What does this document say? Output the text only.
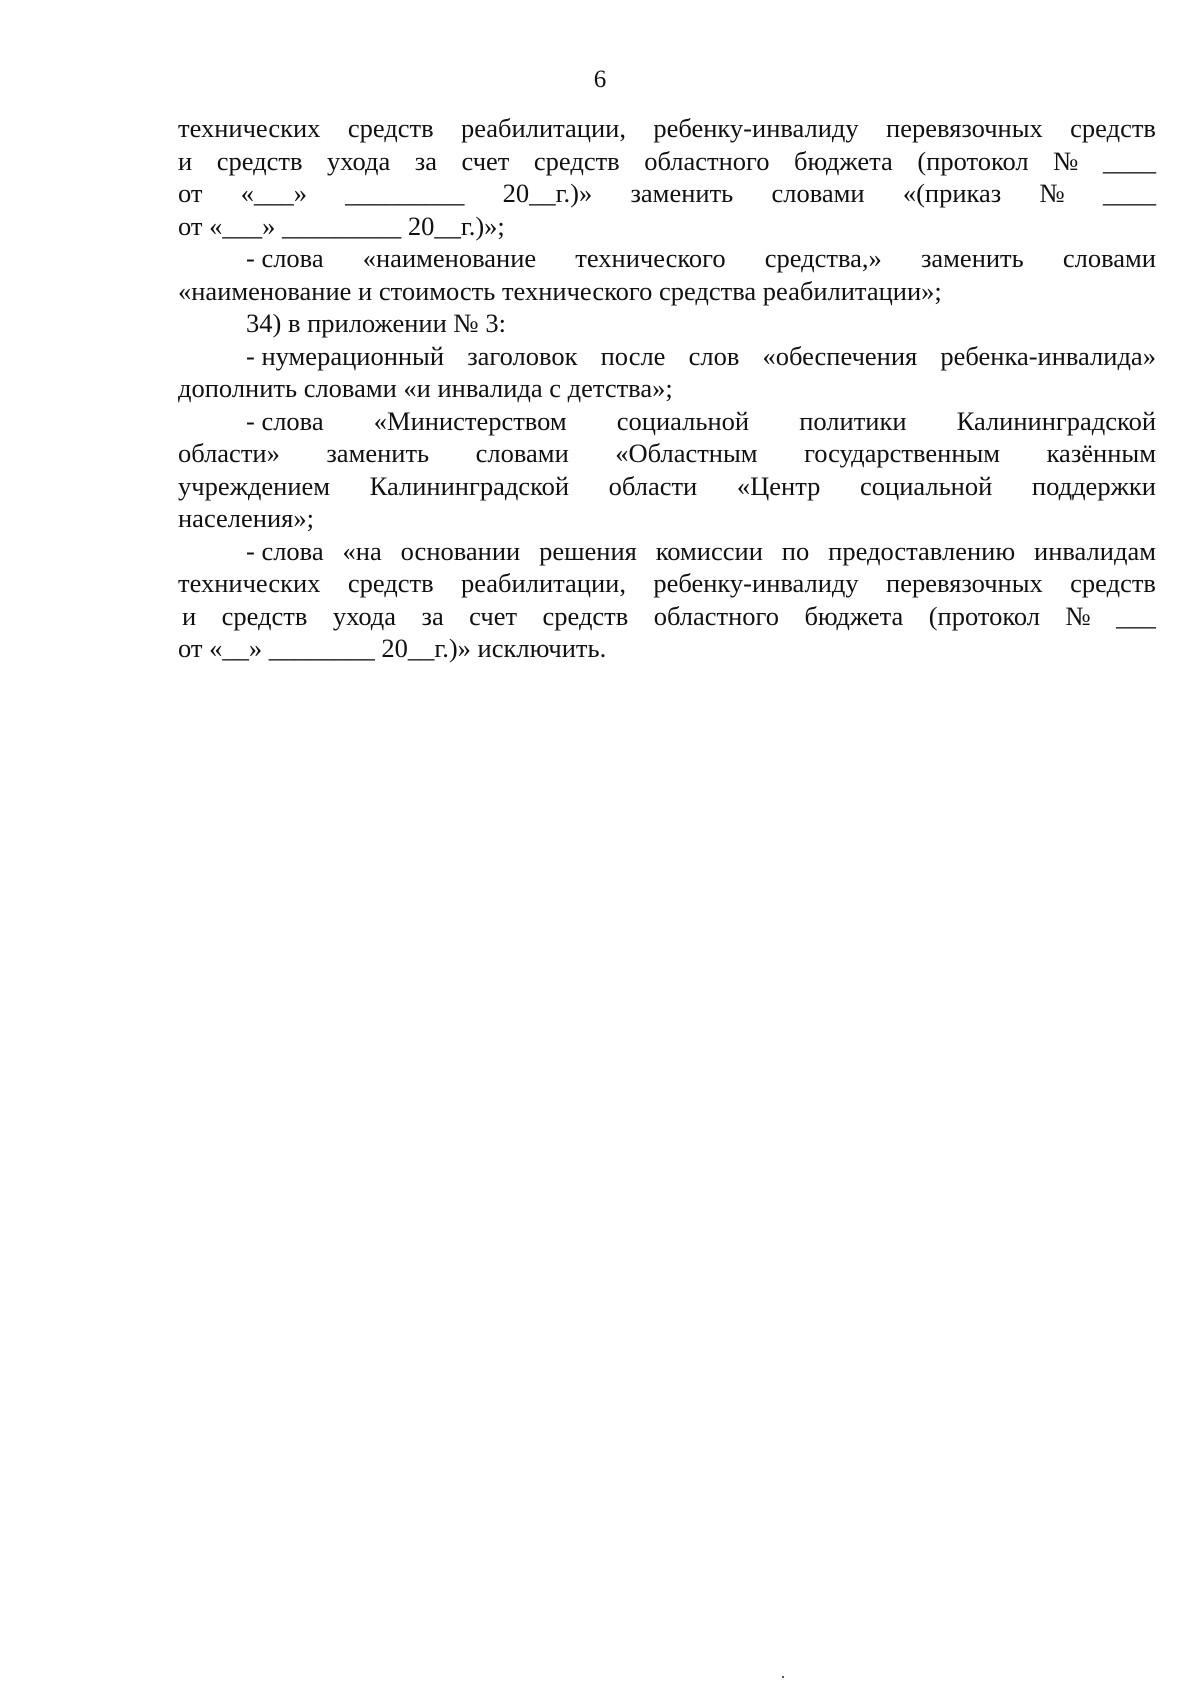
6
технических средств реабилитации, ребенку-инвалиду перевязочных средств
и средств ухода за счет средств областного бюджета (протокол № ____
от «___» _________ 20__г.)» заменить словами «(приказ № ____
от «___» _________ 20__г.)»;
- слова «наименование технического средства,» заменить словами
«наименование и стоимость технического средства реабилитации»;
34) в приложении № 3:
- нумерационный заголовок после слов «обеспечения ребенка-инвалида»
дополнить словами «и инвалида с детства»;
- слова «Министерством социальной политики Калининградской
области» заменить словами «Областным государственным казённым
учреждением Калининградской области «Центр социальной поддержки
населения»;
- слова «на основании решения комиссии по предоставлению инвалидам
технических средств реабилитации, ребенку-инвалиду перевязочных средств
и средств ухода за счет средств областного бюджета (протокол № ___
от «__» ________ 20__г.)» исключить.
